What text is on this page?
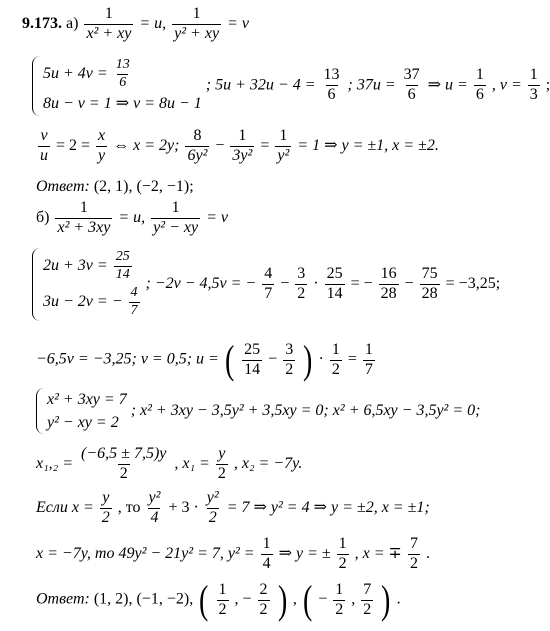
9.173. $а) \frac{1}{\text{x² + xy}} = u$, $\frac{1}{\text{y² + xy}} = v$
$5u + 4v = \frac{13}{6}$
8u − v = 1 ⇒ v = 8u − 1
; $5u + 32u - 4 = \frac{13}{6}$ ; $37u = \frac{37}{6}$ ⇒ $u = \frac{1}{6}$ , $v = \frac{1}{3}$ ;
$\frac{v}{u} = 2 = \frac{x}{y}$ ⇔ x = 2y; $\frac{8}{\text{6y²}} - \frac{1}{\text{3y²}} = \frac{1}{\text{y²}} = 1$ ⇒ y = ±1, x = ±2.
Ответ: (2, 1), (−2, −1);
$б) \frac{1}{\text{x² + 3xy}} = u$, $\frac{1}{\text{y² − xy}} = v$
$2u + 3v = \frac{25}{14}$
3u − 2v = − $\frac{4}{7}$
; −2v − 4,5v = − $\frac{4}{7} - \frac{3}{2} \cdot \frac{25}{14}$ = − $\frac{16}{28} - \frac{75}{28} = -3,25$;
−6,5v = −3,25; v = 0,5; u = ( $\frac{25}{14} - \frac{3}{2}$ ) · $\frac{1}{2} = \frac{1}{7}$
x² + 3xy = 7
y² − xy = 2
; x² + 3xy − 3,5y² + 3,5xy = 0; x² + 6,5xy − 3,5y² = 0;
$x_1,_2 = \frac{(-6,5 \pm 7,5)y}{2}$ , $x_1 = \frac{y}{2}$ , x₂ = −7y.
Если $x = \frac{y}{2}$ , то $\frac{\text{y²}}{4} + 3 \cdot \frac{\text{y²}}{2} = 7$ ⇒ y² = 4 ⇒ y = ±2, x = ±1;
x = −7y, то 49y² − 21y² = 7, $y^2 = \frac{1}{4}$ ⇒ y = ± $\frac{1}{2}$ , x = ∓ $\frac{7}{2}$ .
Ответ: (1, 2), (−1, −2), ( $\frac{1}{2}$ , − $\frac{2}{2}$ ) , ( − $\frac{1}{2}$ , $\frac{7}{2}$ ) .
